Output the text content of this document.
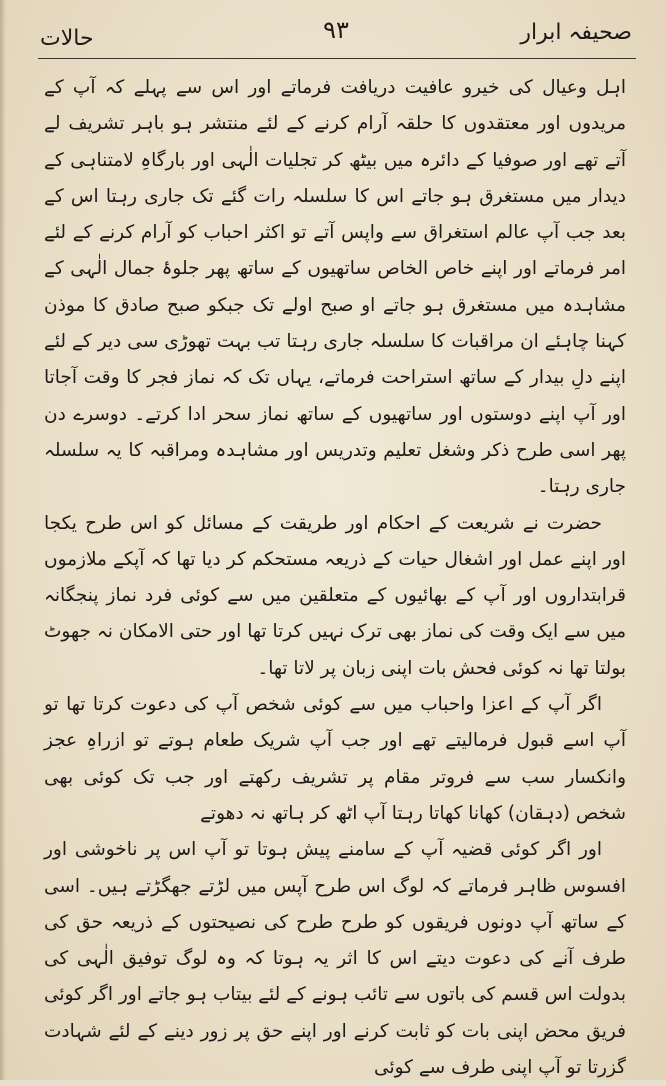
صحیفہ ابرار
۹۳
حالات

اہل وعیال کی خیرو عافیت دریافت فرماتے اور اس سے پہلے کہ آپ کے مریدوں اور معتقدوں کا حلقہ آرام کرنے کے لئے منتشر ہو باہر تشریف لے آتے تھے اور صوفیا کے دائرہ میں بیٹھ کر تجلیات الٰہی اور بارگاہِ لامتناہی کے دیدار میں مستغرق ہو جاتے اس کا سلسلہ رات گئے تک جاری رہتا اس کے بعد جب آپ عالم استغراق سے واپس آتے تو اکثر احباب کو آرام کرنے کے لئے امر فرماتے اور اپنے خاص الخاص ساتھیوں کے ساتھ پھر جلوۂ جمال الٰہی کے مشاہدہ میں مستغرق ہو جاتے او صبح اولے تک جبکو صبح صادق کا موذن کہنا چاہئے ان مراقبات کا سلسلہ جاری رہتا تب بہت تھوڑی سی دیر کے لئے اپنے دلِ بیدار کے ساتھ استراحت فرماتے، یہاں تک کہ نماز فجر کا وقت آجاتا اور آپ اپنے دوستوں اور ساتھیوں کے ساتھ نماز سحر ادا کرتے۔ دوسرے دن پھر اسی طرح ذکر وشغل تعلیم وتدریس اور مشاہدہ ومراقبہ کا یہ سلسلہ جاری رہتا۔

حضرت نے شریعت کے احکام اور طریقت کے مسائل کو اس طرح یکجا اور اپنے عمل اور اشغال حیات کے ذریعہ مستحکم کر دیا تھا کہ آپکے ملازموں قرابتداروں اور آپ کے بھائیوں کے متعلقین میں سے کوئی فرد نماز پنجگانہ میں سے ایک وقت کی نماز بھی ترک نہیں کرتا تھا اور حتی الامکان نہ جھوٹ بولتا تھا نہ کوئی فحش بات اپنی زبان پر لاتا تھا۔

اگر آپ کے اعزا واحباب میں سے کوئی شخص آپ کی دعوت کرتا تھا تو آپ اسے قبول فرمالیتے تھے اور جب آپ شریک طعام ہوتے تو ازراہِ عجز وانکسار سب سے فروتر مقام پر تشریف رکھتے اور جب تک کوئی بھی شخص (دہقان) کھانا کھاتا رہتا آپ اٹھ کر ہاتھ نہ دھوتے

اور اگر کوئی قضیہ آپ کے سامنے پیش ہوتا تو آپ اس پر ناخوشی اور افسوس ظاہر فرماتے کہ لوگ اس طرح آپس میں لڑتے جھگڑتے ہیں۔ اسی کے ساتھ آپ دونوں فریقوں کو طرح طرح کی نصیحتوں کے ذریعہ حق کی طرف آنے کی دعوت دیتے اس کا اثر یہ ہوتا کہ وہ لوگ توفیق الٰہی کی بدولت اس قسم کی باتوں سے تائب ہونے کے لئے بیتاب ہو جاتے اور اگر کوئی فریق محض اپنی بات کو ثابت کرنے اور اپنے حق پر زور دینے کے لئے شہادت گزرتا تو آپ اپنی طرف سے کوئی
